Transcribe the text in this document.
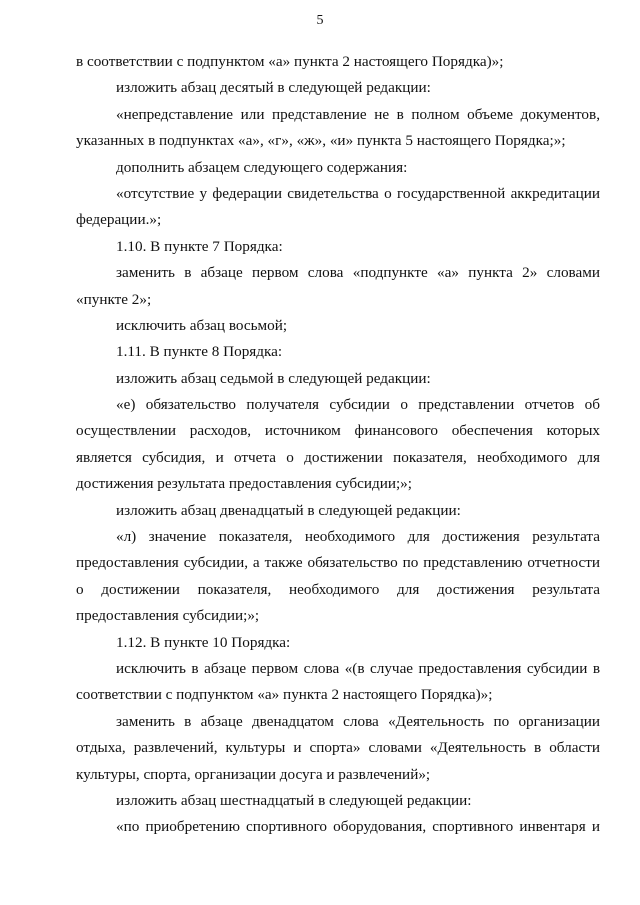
5
в соответствии с подпунктом «а» пункта 2 настоящего Порядка)»;
изложить абзац десятый в следующей редакции:
«непредставление или представление не в полном объеме документов,
указанных в подпунктах «а», «г», «ж», «и» пункта 5 настоящего Порядка;»;
дополнить абзацем следующего содержания:
«отсутствие у федерации свидетельства о государственной аккредитации
федерации.»;
1.10. В пункте 7 Порядка:
заменить в абзаце первом слова «подпункте «а» пункта 2» словами
«пункте 2»;
исключить абзац восьмой;
1.11. В пункте 8 Порядка:
изложить абзац седьмой в следующей редакции:
«е) обязательство получателя субсидии о представлении отчетов об
осуществлении расходов, источником финансового обеспечения которых
является субсидия, и отчета о достижении показателя, необходимого для
достижения результата предоставления субсидии;»;
изложить абзац двенадцатый в следующей редакции:
«л) значение показателя, необходимого для достижения результата
предоставления субсидии, а также обязательство по представлению отчетности
о достижении показателя, необходимого для достижения результата
предоставления субсидии;»;
1.12. В пункте 10 Порядка:
исключить в абзаце первом слова «(в случае предоставления субсидии в
соответствии с подпунктом «а» пункта 2 настоящего Порядка)»;
заменить в абзаце двенадцатом слова «Деятельность по организации
отдыха, развлечений, культуры и спорта» словами «Деятельность в области
культуры, спорта, организации досуга и развлечений»;
изложить абзац шестнадцатый в следующей редакции:
«по приобретению спортивного оборудования, спортивного инвентаря и
